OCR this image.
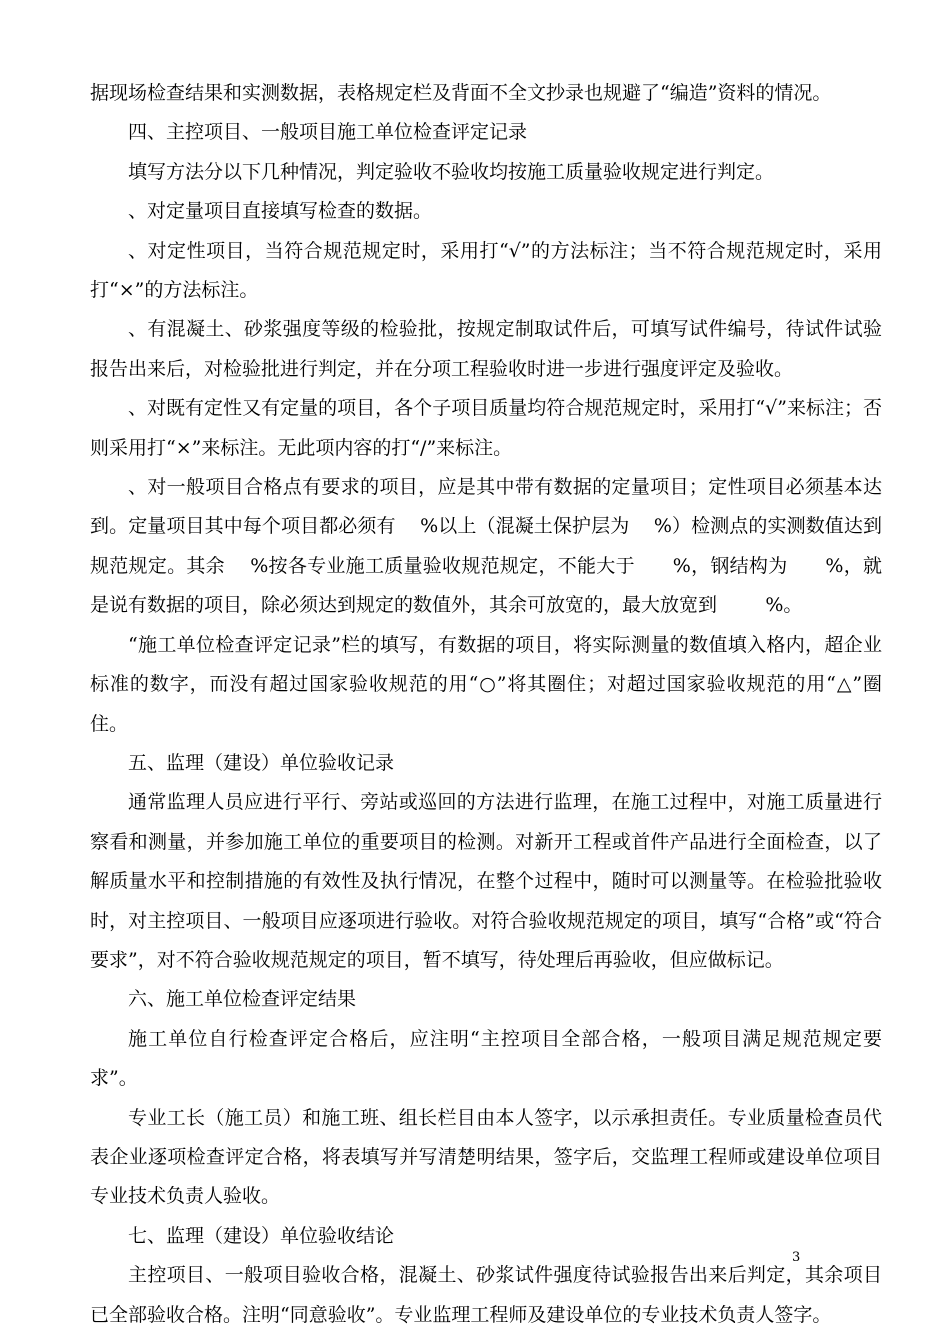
据现场检查结果和实测数据，表格规定栏及背面不全文抄录也规避了“编造”资料的情况。

四、主控项目、一般项目施工单位检查评定记录

填写方法分以下几种情况，判定验收不验收均按施工质量验收规定进行判定。

、对定量项目直接填写检查的数据。

、对定性项目，当符合规范规定时，采用打“√”的方法标注；当不符合规范规定时，采用打“×”的方法标注。

、有混凝土、砂浆强度等级的检验批，按规定制取试件后，可填写试件编号，待试件试验报告出来后，对检验批进行判定，并在分项工程验收时进一步进行强度评定及验收。

、对既有定性又有定量的项目，各个子项目质量均符合规范规定时，采用打“√”来标注；否则采用打“×”来标注。无此项内容的打“/”来标注。

、对一般项目合格点有要求的项目，应是其中带有数据的定量项目；定性项目必须基本达到。定量项目其中每个项目都必须有    %以上（混凝土保护层为    %）检测点的实测数值达到规范规定。其余    %按各专业施工质量验收规范规定，不能大于      %，钢结构为      %，就是说有数据的项目，除必须达到规定的数值外，其余可放宽的，最大放宽到        %。

“施工单位检查评定记录”栏的填写，有数据的项目，将实际测量的数值填入格内，超企业标准的数字，而没有超过国家验收规范的用“○”将其圈住；对超过国家验收规范的用“△”圈住。

五、监理（建设）单位验收记录

通常监理人员应进行平行、旁站或巡回的方法进行监理，在施工过程中，对施工质量进行察看和测量，并参加施工单位的重要项目的检测。对新开工程或首件产品进行全面检查，以了解质量水平和控制措施的有效性及执行情况，在整个过程中，随时可以测量等。在检验批验收时，对主控项目、一般项目应逐项进行验收。对符合验收规范规定的项目，填写“合格”或“符合要求”，对不符合验收规范规定的项目，暂不填写，待处理后再验收，但应做标记。

六、施工单位检查评定结果

施工单位自行检查评定合格后，应注明“主控项目全部合格，一般项目满足规范规定要求”。

专业工长（施工员）和施工班、组长栏目由本人签字，以示承担责任。专业质量检查员代表企业逐项检查评定合格，将表填写并写清楚明结果，签字后，交监理工程师或建设单位项目专业技术负责人验收。

七、监理（建设）单位验收结论

主控项目、一般项目验收合格，混凝土、砂浆试件强度待试验报告出来后判定，其余项目已全部验收合格。注明“同意验收”。专业监理工程师及建设单位的专业技术负责人签字。

3
